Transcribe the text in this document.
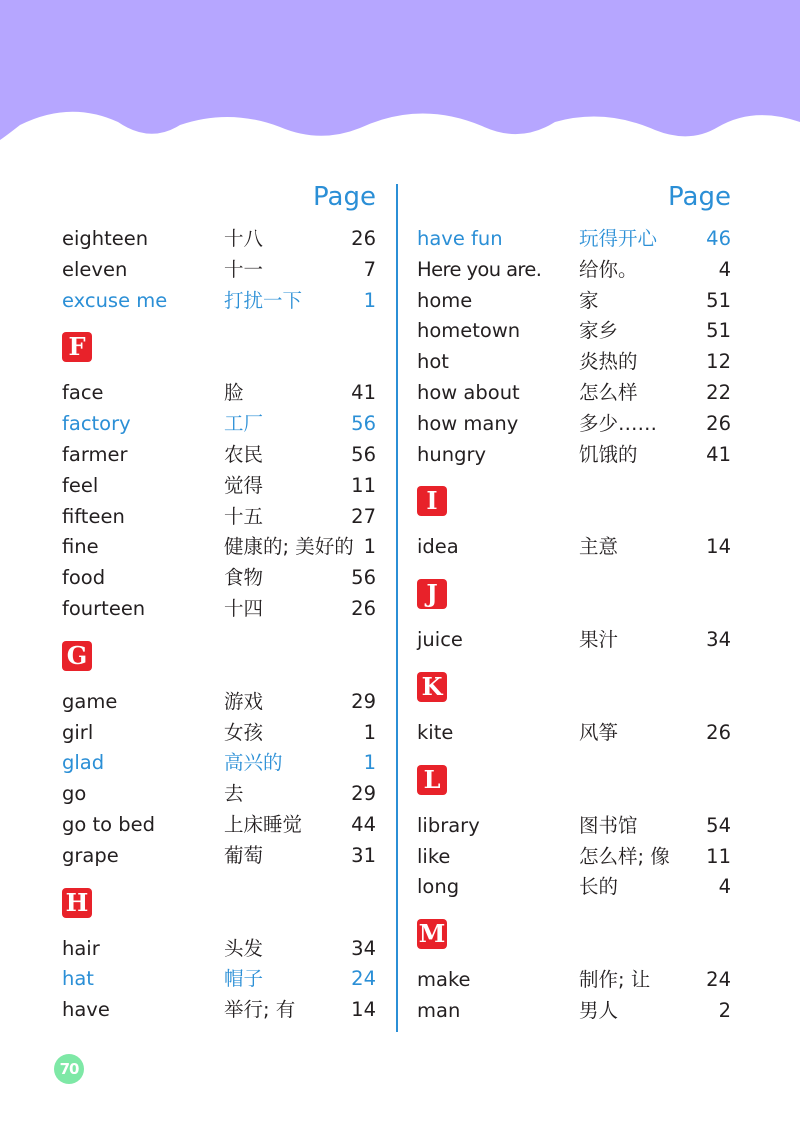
Page
eighteen	十八	26
eleven	十一	7
excuse me	打扰一下	1
F
face	脸	41
factory	工厂	56
farmer	农民	56
feel	觉得	11
fifteen	十五	27
fine	健康的; 美好的 1
food	食物	56
fourteen	十四	26
G
game	游戏	29
girl	女孩	1
glad	高兴的	1
go	去	29
go to bed	上床睡觉	44
grape	葡萄	31
H
hair	头发	34
hat	帽子	24
have	举行; 有	14
Page
have fun	玩得开心	46
Here you are. 给你。	4
home	家	51
hometown	家乡	51
hot	炎热的	12
how about	怎么样	22
how many	多少……	26
hungry	饥饿的	41
I
idea	主意	14
J
juice	果汁	34
K
kite	风筝	26
L
library	图书馆	54
like	怎么样; 像 11
long	长的	4
M
make	制作; 让	24
man	男人	2
70
